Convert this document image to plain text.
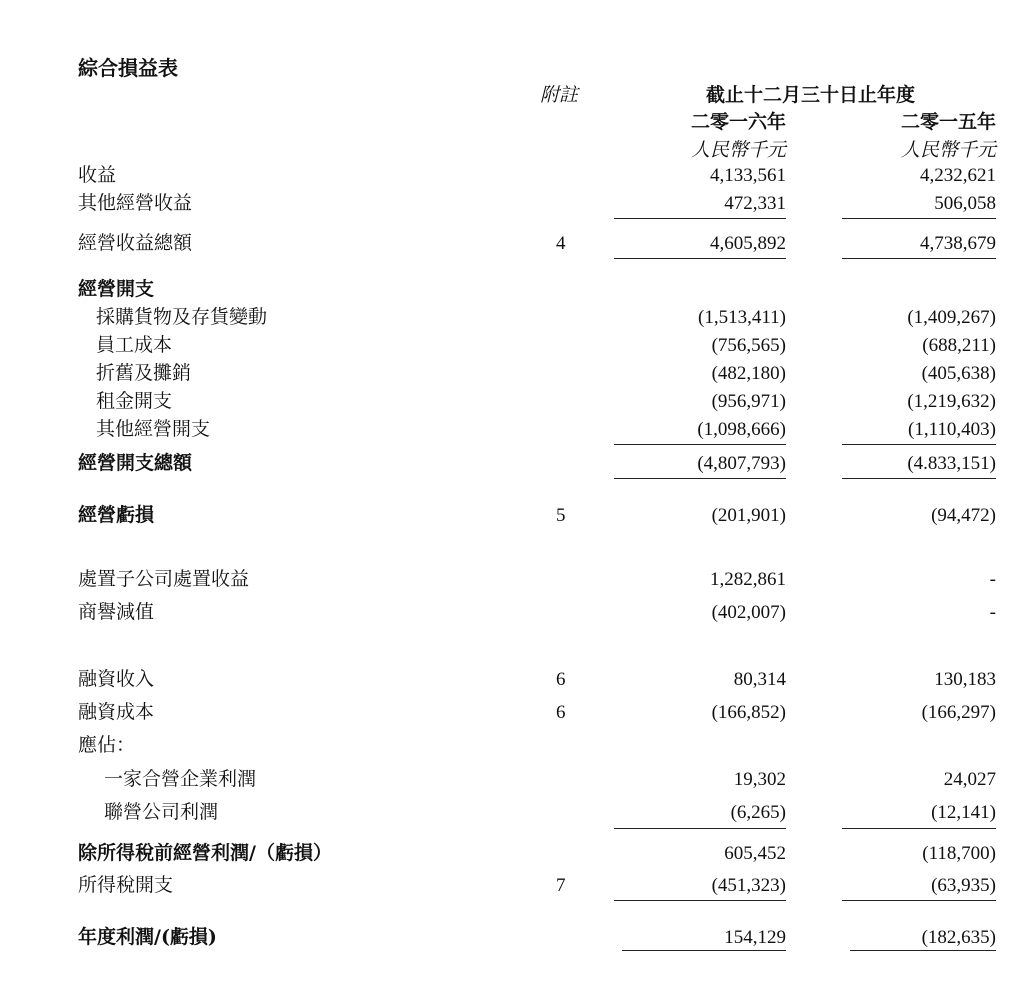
綜合損益表
附註	截止十二月三十日止年度
二零一六年	二零一五年
人民幣千元	人民幣千元
收益	4,133,561	4,232,621
其他經營收益	472,331	506,058
經營收益總額	4	4,605,892	4,738,679
經營開支
採購貨物及存貨變動	(1,513,411)	(1,409,267)
員工成本	(756,565)	(688,211)
折舊及攤銷	(482,180)	(405,638)
租金開支	(956,971)	(1,219,632)
其他經營開支	(1,098,666)	(1,110,403)
經營開支總額	(4,807,793)	(4.833,151)
經營虧損	5	(201,901)	(94,472)
處置子公司處置收益	1,282,861	-
商譽減值	(402,007)	-
融資收入	6	80,314	130,183
融資成本	6	(166,852)	(166,297)
應佔：
一家合營企業利潤	19,302	24,027
聯營公司利潤	(6,265)	(12,141)
除所得稅前經營利潤/（虧損）	605,452	(118,700)
所得稅開支	7	(451,323)	(63,935)
年度利潤/(虧損)	154,129	(182,635)
